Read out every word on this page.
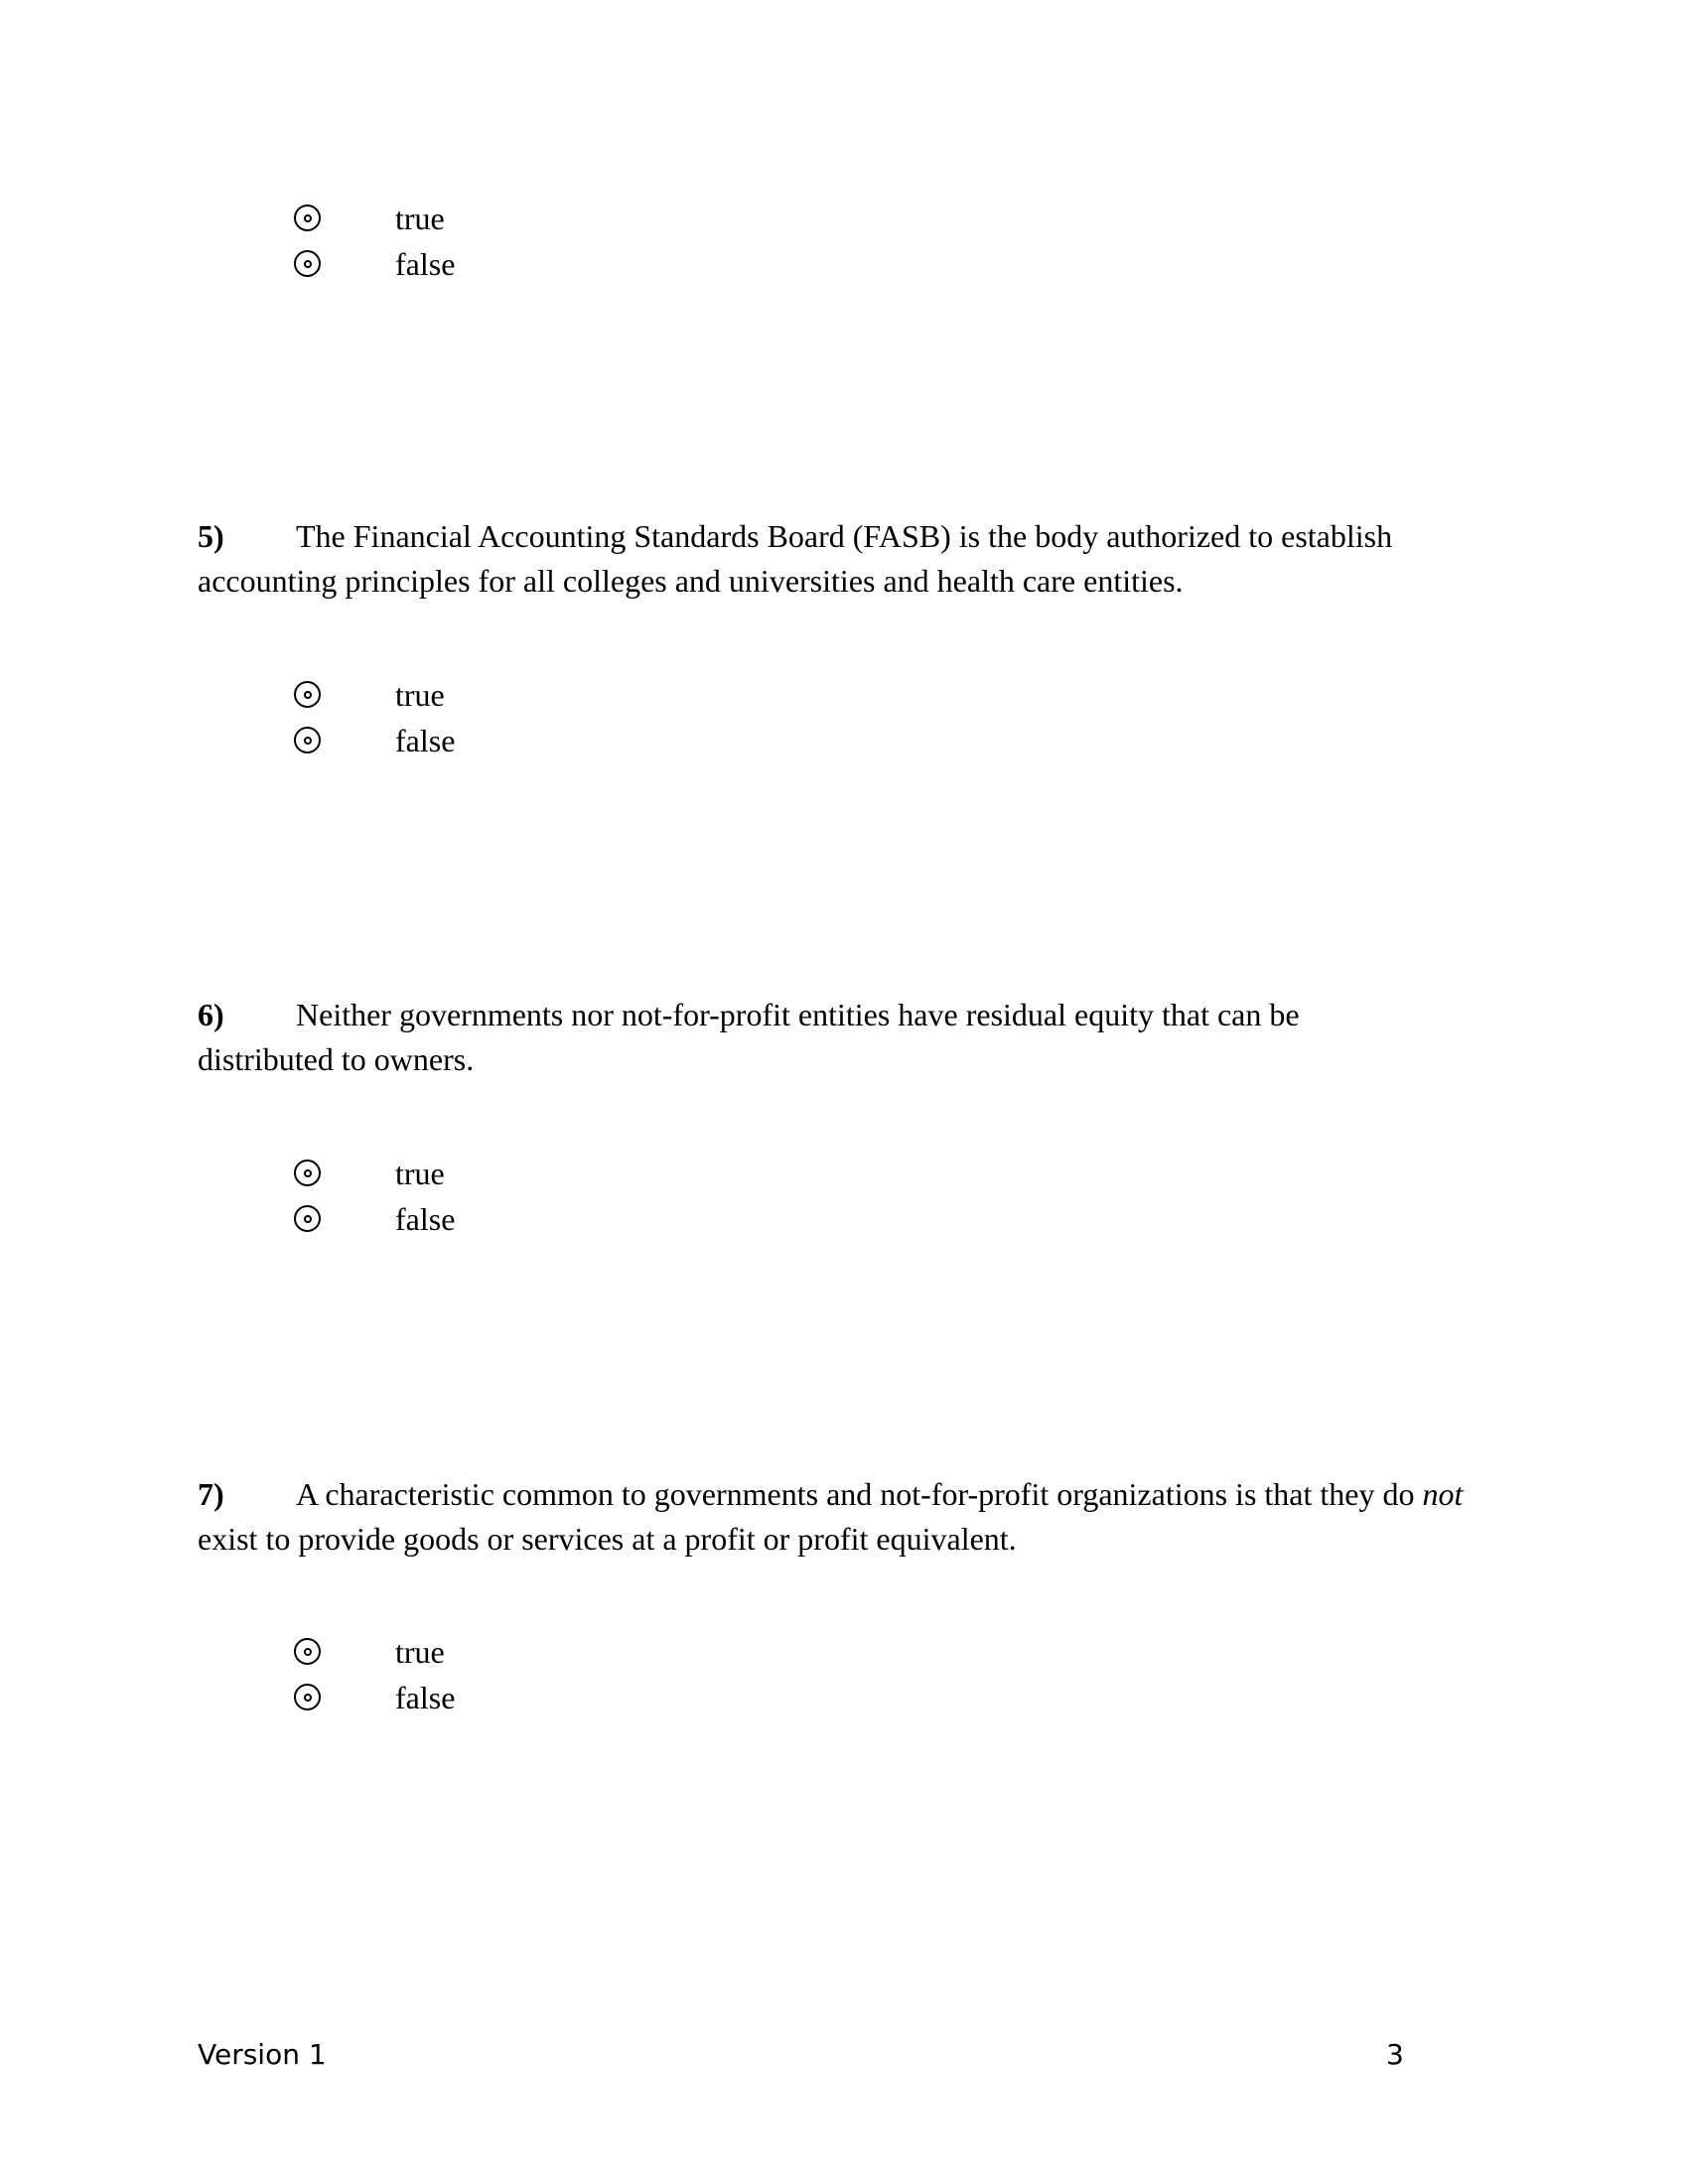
true
false
5) The Financial Accounting Standards Board (FASB) is the body authorized to establish accounting principles for all colleges and universities and health care entities.
true
false
6) Neither governments nor not-for-profit entities have residual equity that can be distributed to owners.
true
false
7) A characteristic common to governments and not-for-profit organizations is that they do not exist to provide goods or services at a profit or profit equivalent.
true
false
Version 1	3
